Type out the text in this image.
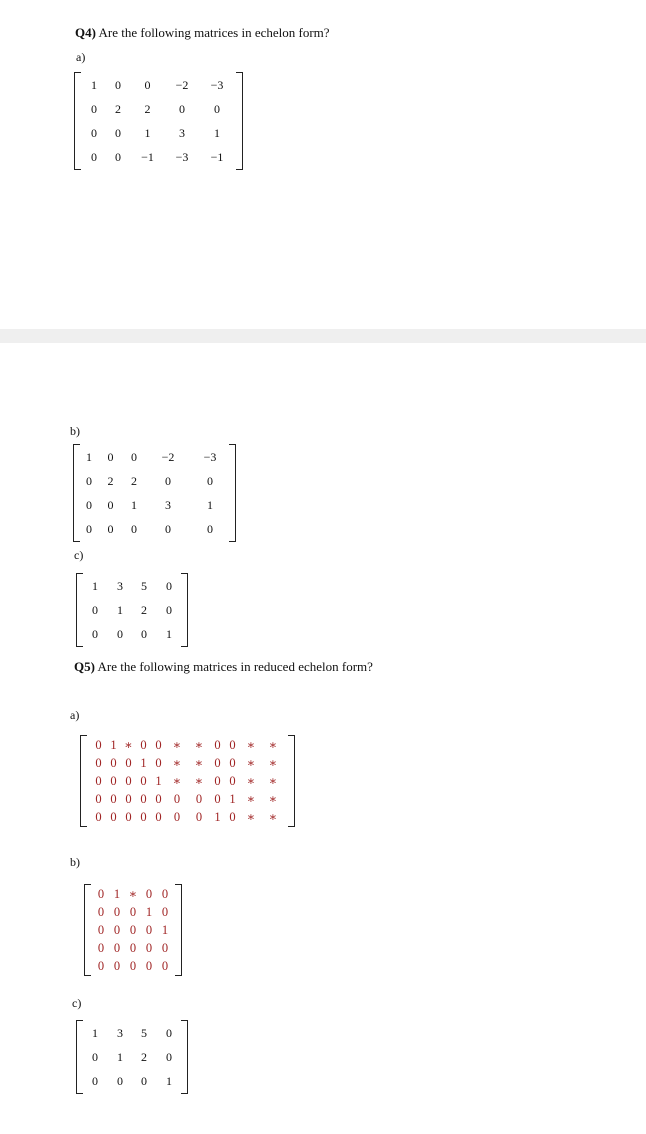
Q4) Are the following matrices in echelon form?
a)
1	0	0	−2	−3
0	2	2	0	0
0	0	1	3	1
0	0	−1	−3	−1
b)
1	0	0	−2	−3
0	2	2	0	0
0	0	1	3	1
0	0	0	0	0
c)
1	3	5	0
0	1	2	0
0	0	0	1
Q5) Are the following matrices in reduced echelon form?
a)
0 1 ∗ 0 0 ∗	∗ 0 0 ∗	∗
0 0 0 1 0 ∗	∗ 0 0 ∗	∗
0 0 0 0 1 ∗	∗ 0 0 ∗	∗
0 0 0 0 0 0	0 0 1 ∗	∗
0 0 0 0 0 0	0 1 0 ∗	∗
b)
0 1 ∗ 0 0
0 0 0 1 0
0 0 0 0 1
0 0 0 0 0
0 0 0 0 0
c)
1	3	5	0
0	1	2	0
0	0	0	1
